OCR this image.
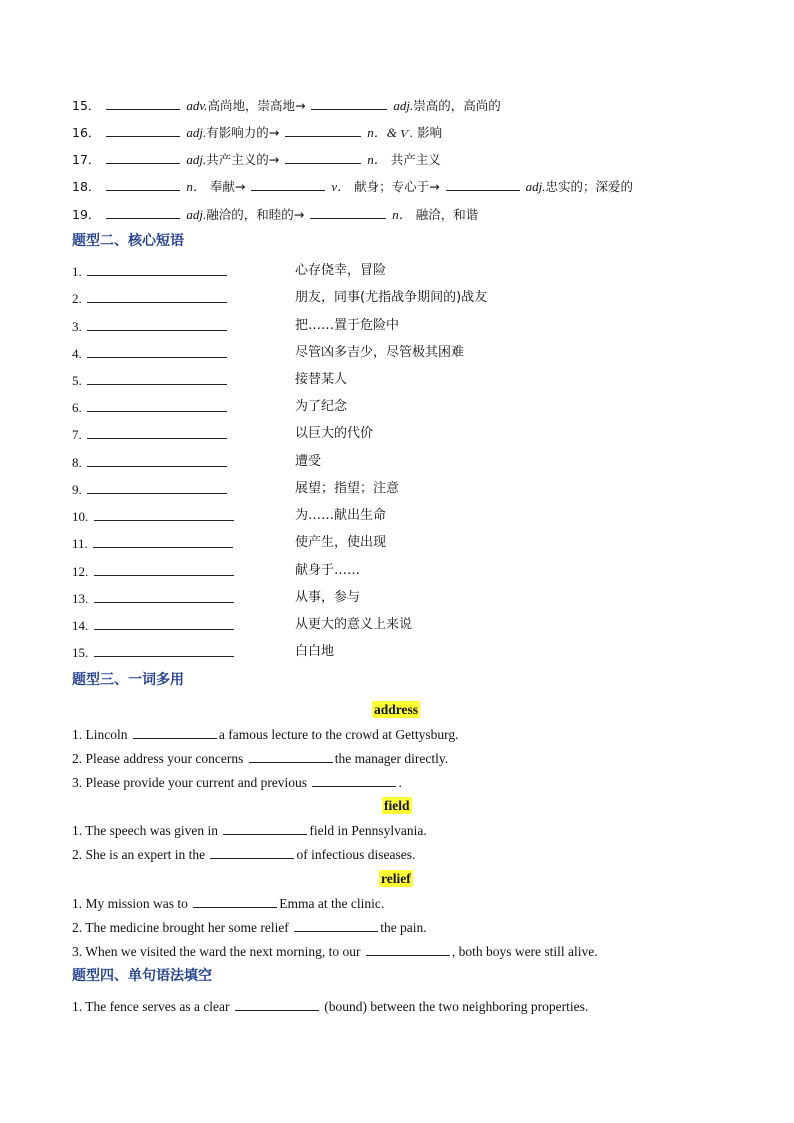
15．	adv.高尚地，崇高地→	adj.崇高的，高尚的
16．	adj.有影响力的→	n．&ｖ. 影响
17．	adj.共产主义的→	n． 共产主义
18．	n． 奉献→	v． 献身；专心于→	adj.忠实的；深爱的
19．	adj.融洽的，和睦的→	n． 融洽，和谐
题型二、核心短语
1.	心存侥幸，冒险
2.	朋友，同事(尤指战争期间的)战友
3.	把……置于危险中
4.	尽管凶多吉少，尽管极其困难
5.	接替某人
6.	为了纪念
7.	以巨大的代价
8.	遭受
9.	展望；指望；注意
10.	为……献出生命
11.	使产生，使出现
12.	献身于……
13.	从事，参与
14.	从更大的意义上来说
15.	白白地
题型三、一词多用
address
1. Lincoln	a famous lecture to the crowd at Gettysburg.
2. Please address your concerns	the manager directly.
3. Please provide your current and previous	.
field
1. The speech was given in	field in Pennsylvania.
2. She is an expert in the	of infectious diseases.
relief
1. My mission was to	Emma at the clinic.
2. The medicine brought her some relief	the pain.
3. When we visited the ward the next morning, to our	, both boys were still alive.
题型四、单句语法填空
1. The fence serves as a clear	(bound) between the two neighboring properties.
